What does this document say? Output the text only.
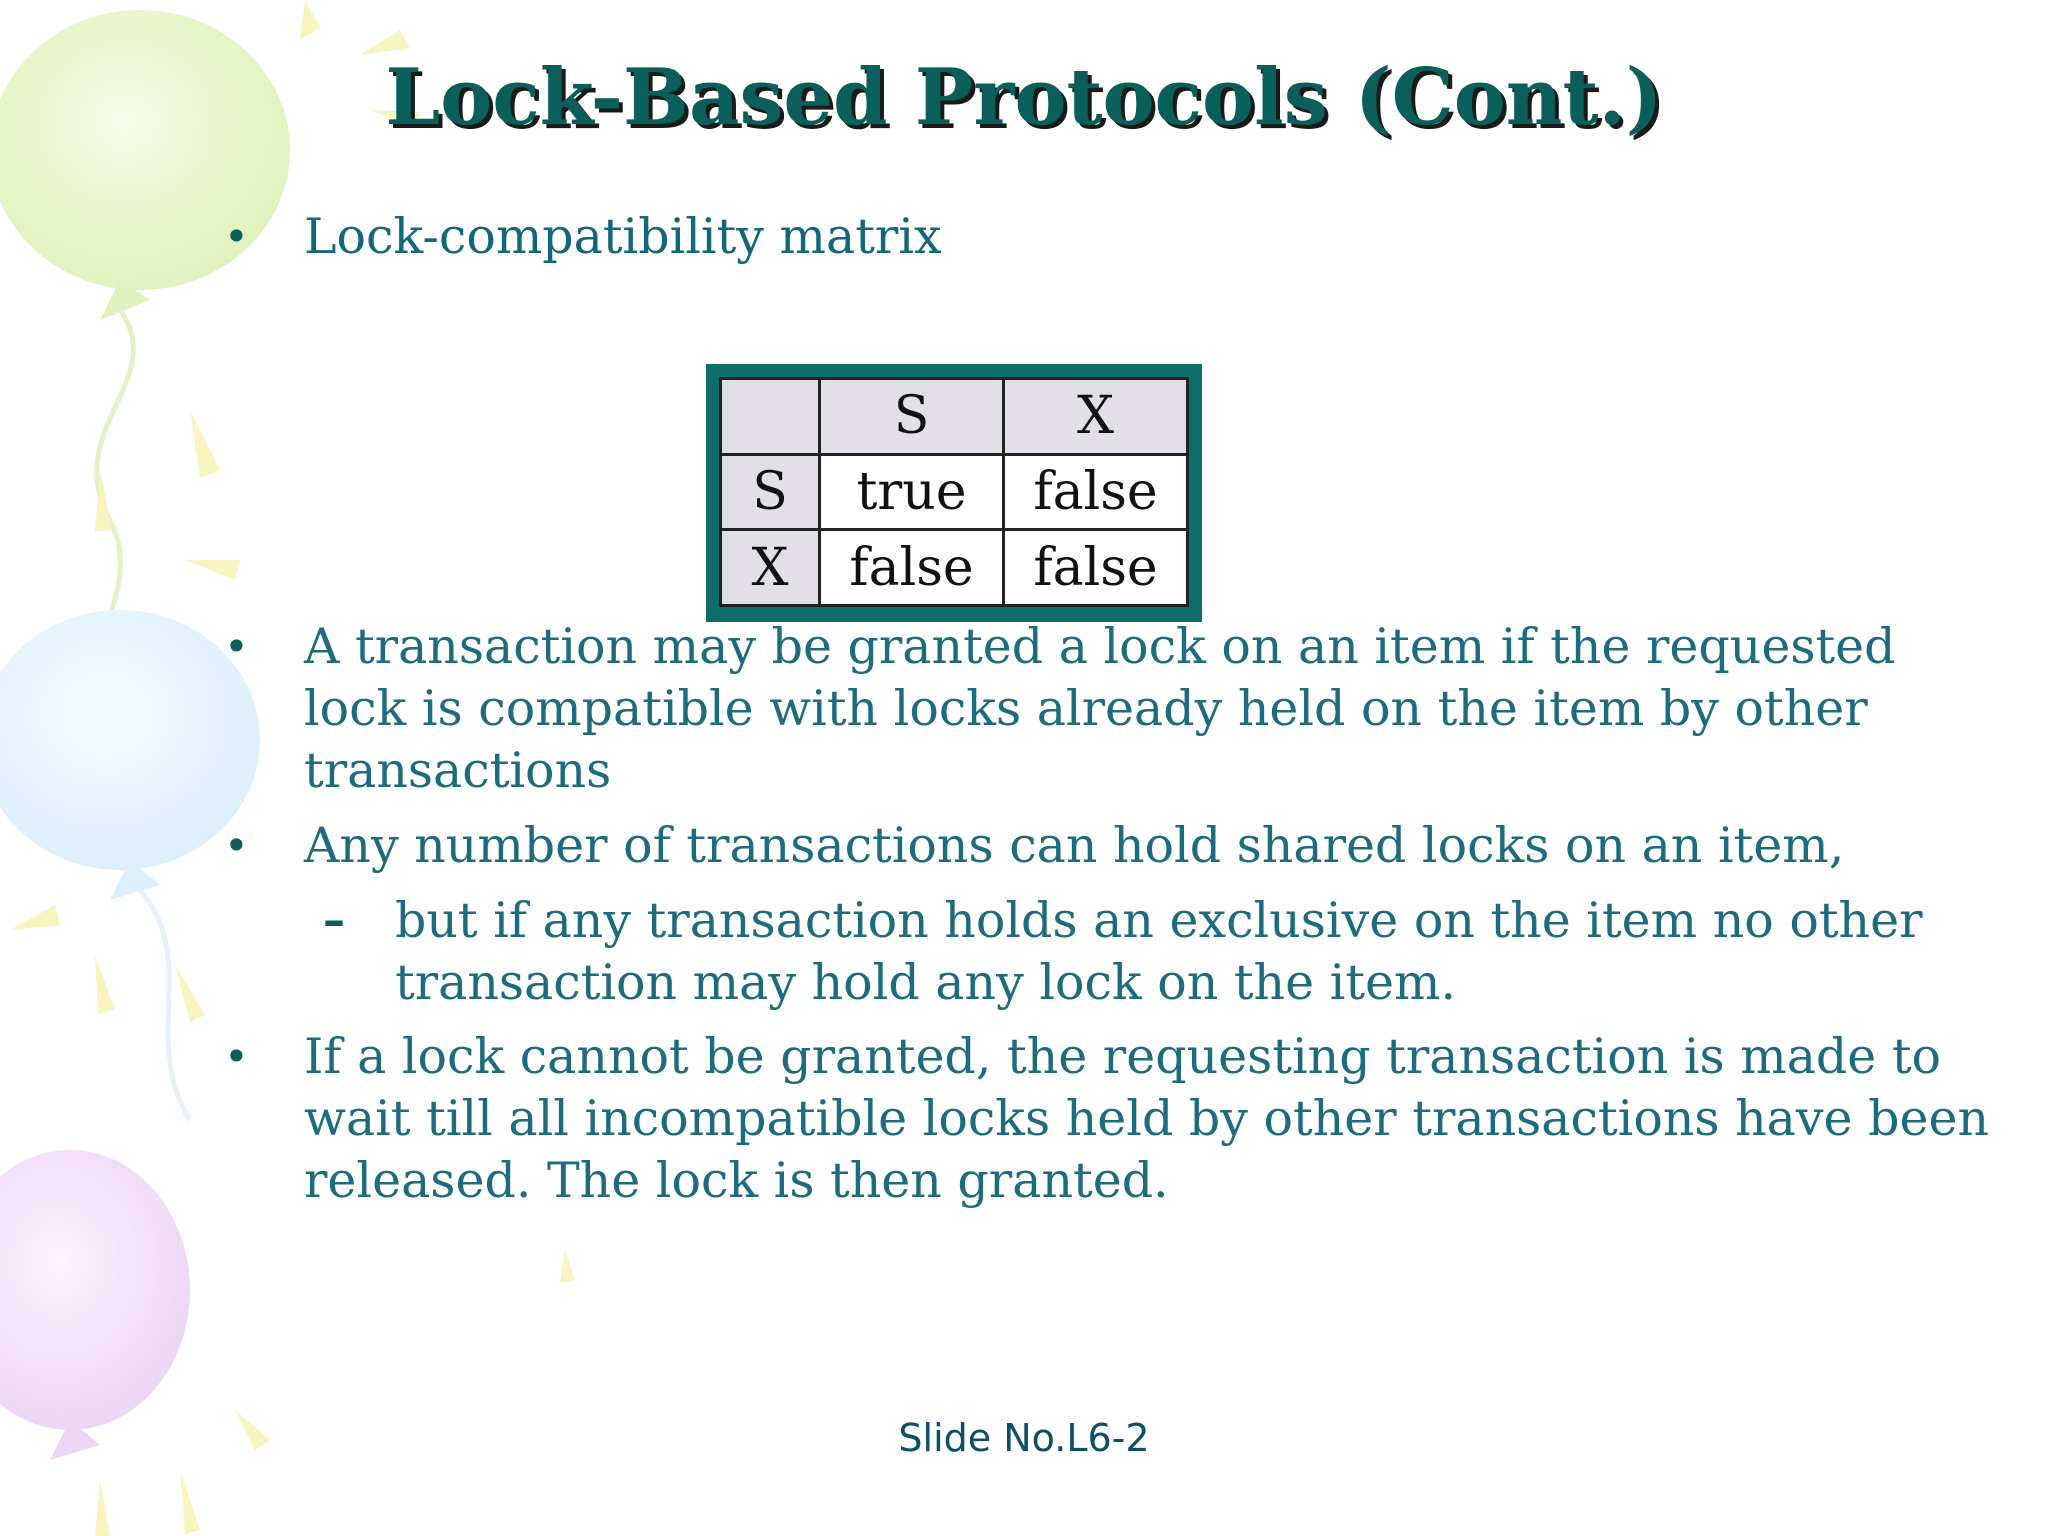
Lock-Based Protocols (Cont.)
• Lock-compatibility matrix
	S	X
S	true	false
X	false	false
• A transaction may be granted a lock on an item if the requested lock is compatible with locks already held on the item by other transactions
• Any number of transactions can hold shared locks on an item,
– but if any transaction holds an exclusive on the item no other transaction may hold any lock on the item.
• If a lock cannot be granted, the requesting transaction is made to wait till all incompatible locks held by other transactions have been released. The lock is then granted.
Slide No.L6-2
